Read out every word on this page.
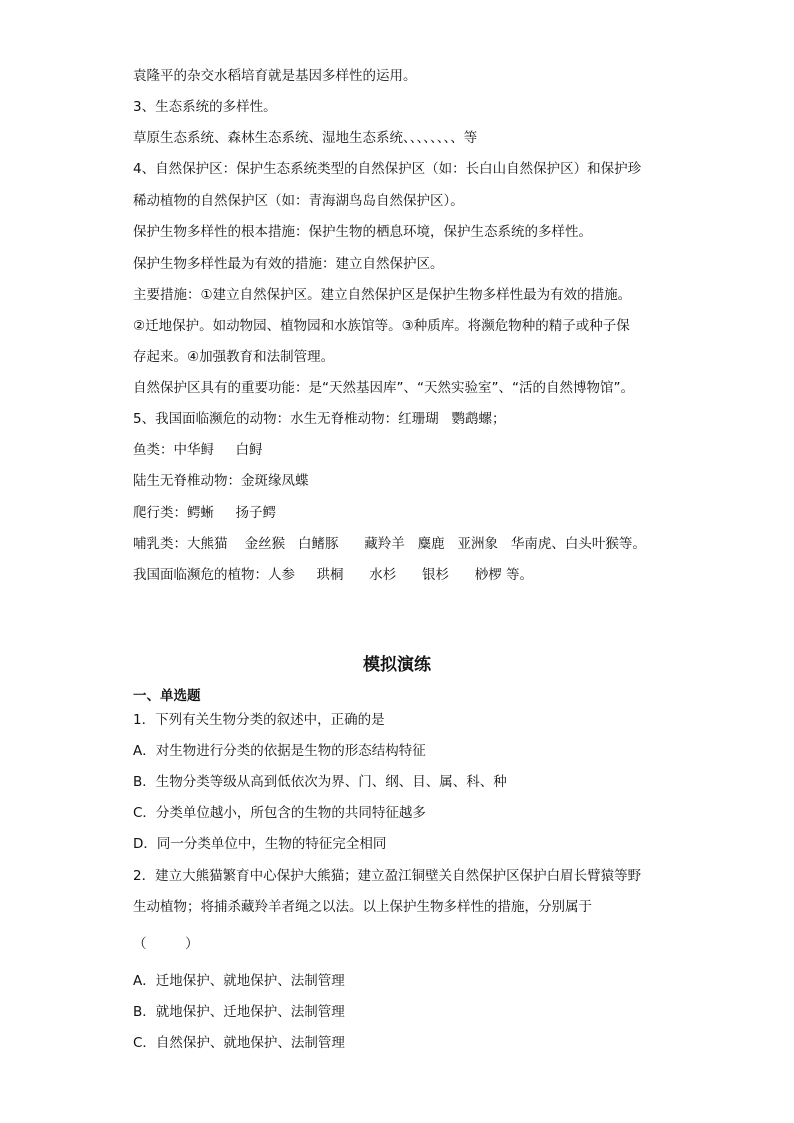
袁隆平的杂交水稻培育就是基因多样性的运用。
3、生态系统的多样性。
草原生态系统、森林生态系统、湿地生态系统、、、、、、、、等
4、自然保护区：保护生态系统类型的自然保护区（如：长白山自然保护区）和保护珍
稀动植物的自然保护区（如：青海湖鸟岛自然保护区）。
保护生物多样性的根本措施：保护生物的栖息环境，保护生态系统的多样性。
保护生物多样性最为有效的措施：建立自然保护区。
主要措施：①建立自然保护区。建立自然保护区是保护生物多样性最为有效的措施。
②迁地保护。如动物园、植物园和水族馆等。③种质库。将濒危物种的精子或种子保
存起来。④加强教育和法制管理。
自然保护区具有的重要功能：是“天然基因库”、“天然实验室”、“活的自然博物馆”。
5、我国面临濒危的动物：水生无脊椎动物：红珊瑚   鹦鹉螺；
鱼类：中华鲟     白鲟
陆生无脊椎动物：金斑缘凤蝶
爬行类：鳄蜥     扬子鳄
哺乳类：大熊猫    金丝猴   白鳍豚      藏羚羊   麋鹿   亚洲象   华南虎、白头叶猴等。
我国面临濒危的植物：人参     珙桐      水杉      银杉      桫椤 等。
模拟演练
一、单选题
1．下列有关生物分类的叙述中，正确的是
A．对生物进行分类的依据是生物的形态结构特征
B．生物分类等级从高到低依次为界、门、纲、目、属、科、种
C．分类单位越小，所包含的生物的共同特征越多
D．同一分类单位中，生物的特征完全相同
2．建立大熊猫繁育中心保护大熊猫；建立盈江铜壁关自然保护区保护白眉长臂猿等野
生动植物；将捕杀藏羚羊者绳之以法。以上保护生物多样性的措施，分别属于
（         ）
A．迁地保护、就地保护、法制管理
B．就地保护、迁地保护、法制管理
C．自然保护、就地保护、法制管理
